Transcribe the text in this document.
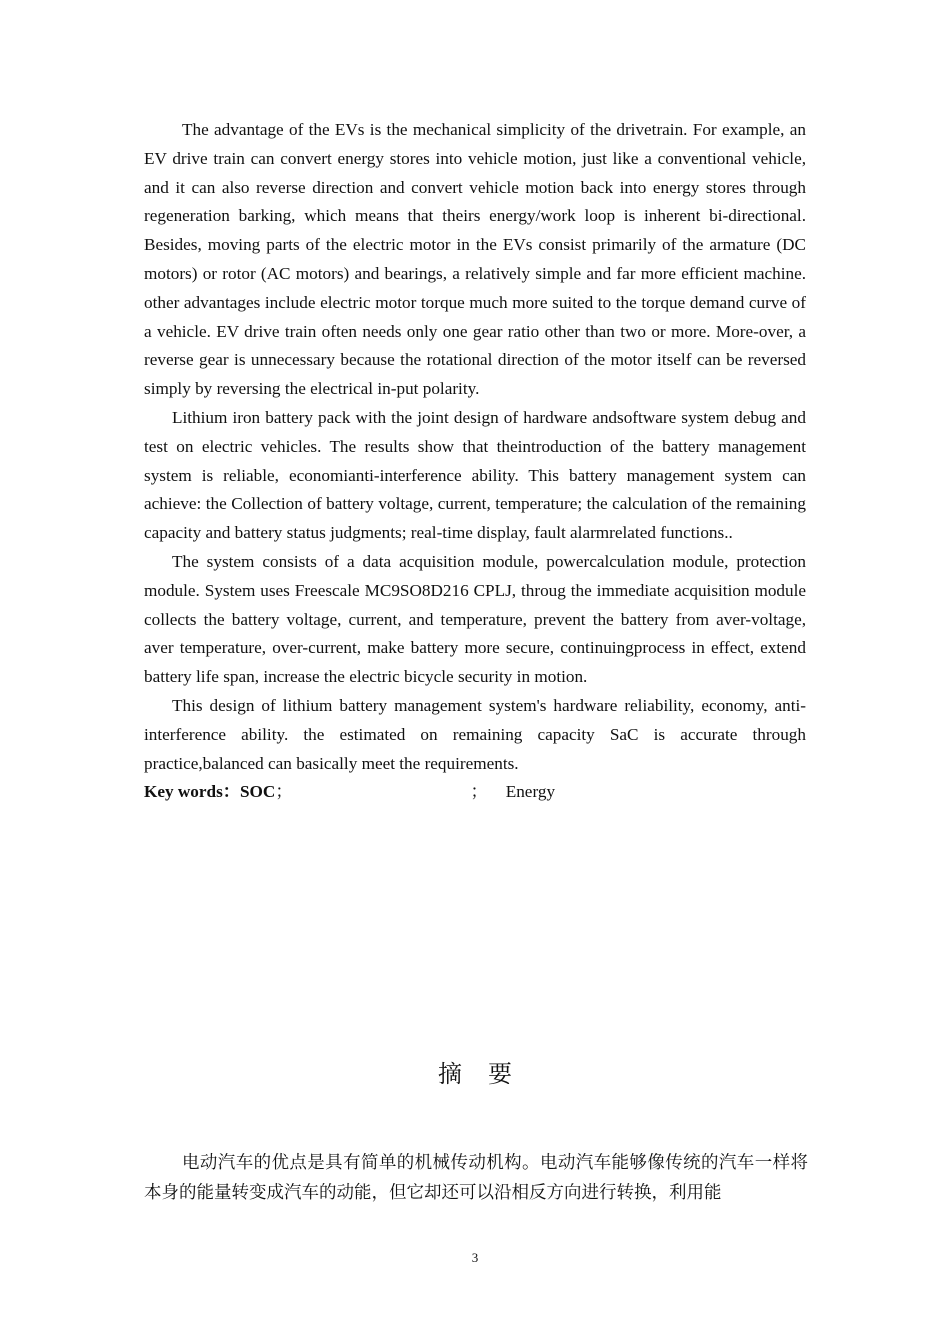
The advantage of the EVs is the mechanical simplicity of the drivetrain. For example, an EV drive train can convert energy stores into vehicle motion, just like a conventional vehicle, and it can also reverse direction and convert vehicle motion back into energy stores through regeneration barking, which means that theirs energy/work loop is inherent bi-directional. Besides, moving parts of the electric motor in the EVs consist primarily of the armature (DC motors) or rotor (AC motors) and bearings, a relatively simple and far more efficient machine. other advantages include electric motor torque much more suited to the torque demand curve of a vehicle. EV drive train often needs only one gear ratio other than two or more. More-over, a reverse gear is unnecessary because the rotational direction of the motor itself can be reversed simply by reversing the electrical in-put polarity.

Lithium iron battery pack with the joint design of hardware andsoftware system debug and test on electric vehicles. The results show that theintroduction of the battery management system is reliable, economianti-interference ability. This battery management system can achieve: the Collection of battery voltage, current, temperature; the calculation of the remaining capacity and battery status judgments; real-time display, fault alarmrelated functions..

The system consists of a data acquisition module, powercalculation module, protection module. System uses Freescale MC9SO8D216 CPLJ, throug the immediate acquisition module collects the battery voltage, current, and temperature, prevent the battery from aver-voltage, aver temperature, over-current, make battery more secure, continuingprocess in effect, extend battery life span, increase the electric bicycle security in motion.

This design of lithium battery management system's hardware reliability, economy, anti-interference ability. the estimated on remaining capacity SaC is accurate through practice,balanced can basically meet the requirements.

Key words：SOC；	； Energy
摘要

电动汽车的优点是具有简单的机械传动机构。电动汽车能够像传统的汽车一样将本身的能量转变成汽车的动能，但它却还可以沿相反方向进行转换，利用能

3
